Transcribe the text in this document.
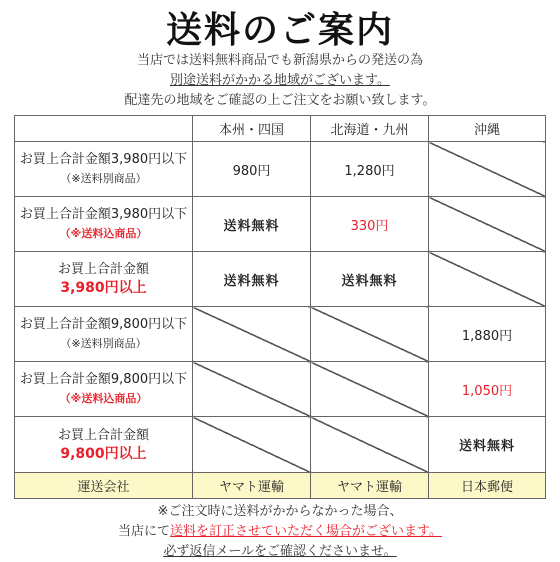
送料のご案内
当店では送料無料商品でも新潟県からの発送の為
別途送料がかかる地域がございます。
配達先の地域をご確認の上ご注文をお願い致します。
	本州・四国	北海道・九州	沖縄

お買上合計金額3,980円以下
（※送料別商品）	980円	1,280円	

お買上合計金額3,980円以下
（※送料込商品）	送料無料	330円	

お買上合計金額
3,980円以上	送料無料	送料無料	

お買上合計金額9,800円以下
（※送料別商品）			1,880円

お買上合計金額9,800円以下
（※送料込商品）			1,050円

お買上合計金額
9,800円以上			送料無料
運送会社	ヤマト運輸	ヤマト運輸	日本郵便
※ご注文時に送料がかからなかった場合、
当店にて送料を訂正させていただく場合がございます。
必ず返信メールをご確認くださいませ。
